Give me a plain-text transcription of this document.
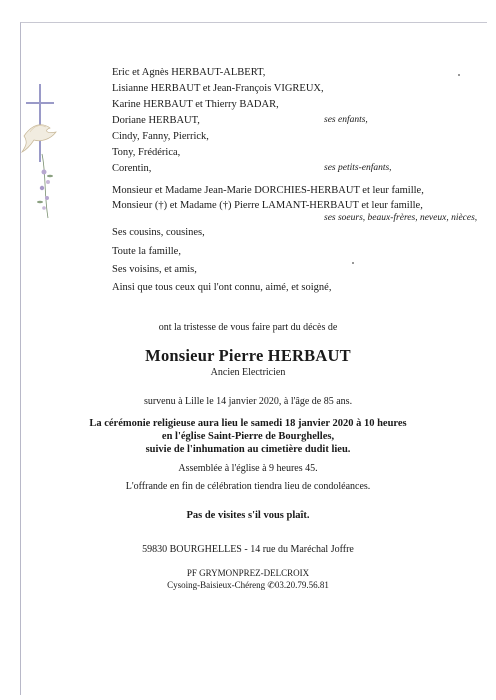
Eric et Agnès HERBAUT-ALBERT,
Lisianne HERBAUT et Jean-François VIGREUX,
Karine HERBAUT et Thierry BADAR,
Doriane HERBAUT,	ses enfants,
Cindy, Fanny, Pierrick,
Tony, Frédérica,
Corentin,	ses petits-enfants,
Monsieur et Madame Jean-Marie DORCHIES-HERBAUT et leur famille,
Monsieur (†) et Madame (†) Pierre LAMANT-HERBAUT et leur famille,
ses soeurs, beaux-frères, neveux, nièces,
Ses cousins, cousines,
Toute la famille,
Ses voisins, et amis,
Ainsi que tous ceux qui l'ont connu, aimé, et soigné,
ont la tristesse de vous faire part du décès de
Monsieur Pierre HERBAUT
Ancien Electricien
survenu à Lille le 14 janvier 2020, à l'âge de 85 ans.
La cérémonie religieuse aura lieu le samedi 18 janvier 2020 à 10 heures
en l'église Saint-Pierre de Bourghelles,
suivie de l'inhumation au cimetière dudit lieu.
Assemblée à l'église à 9 heures 45.
L'offrande en fin de célébration tiendra lieu de condoléances.
Pas de visites s'il vous plaît.
59830 BOURGHELLES - 14 rue du Maréchal Joffre
PF GRYMONPREZ-DELCROIX
Cysoing-Baisieux-Chéreng ✆03.20.79.56.81
